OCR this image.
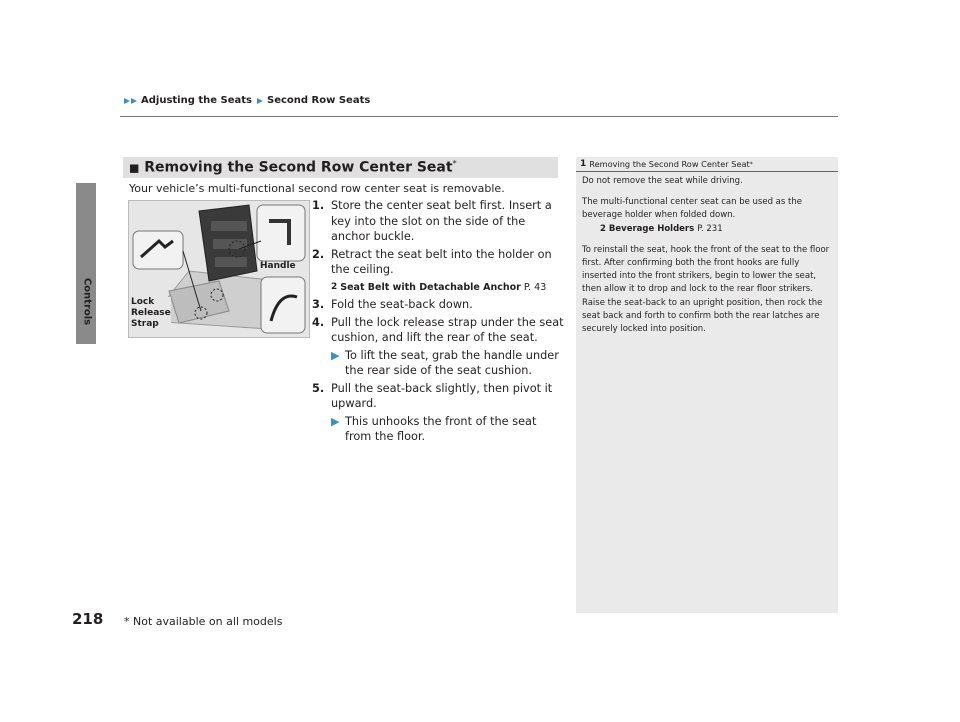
Adjusting the Seats Second Row Seats
Controls
■ Removing the Second Row Center Seat*
Your vehicle’s multi-functional second row center seat is removable.
Handle
Lock
Release
Strap
1. Store the center seat belt first. Insert a key into the slot on the side of the anchor buckle.
2. Retract the seat belt into the holder on the ceiling.
2 Seat Belt with Detachable Anchor P. 43
3. Fold the seat-back down.
4. Pull the lock release strap under the seat cushion, and lift the rear of the seat.
▶ To lift the seat, grab the handle under the rear side of the seat cushion.
5. Pull the seat-back slightly, then pivot it upward.
▶ This unhooks the front of the seat from the floor.
1 Removing the Second Row Center Seat *

Do not remove the seat while driving.

The multi-functional center seat can be used as the beverage holder when folded down.

2 Beverage Holders P. 231

To reinstall the seat, hook the front of the seat to the floor first. After confirming both the front hooks are fully inserted into the front strikers, begin to lower the seat, then allow it to drop and lock to the rear floor strikers. Raise the seat-back to an upright position, then rock the seat back and forth to confirm both the rear latches are securely locked into position.

218 * Not available on all models
